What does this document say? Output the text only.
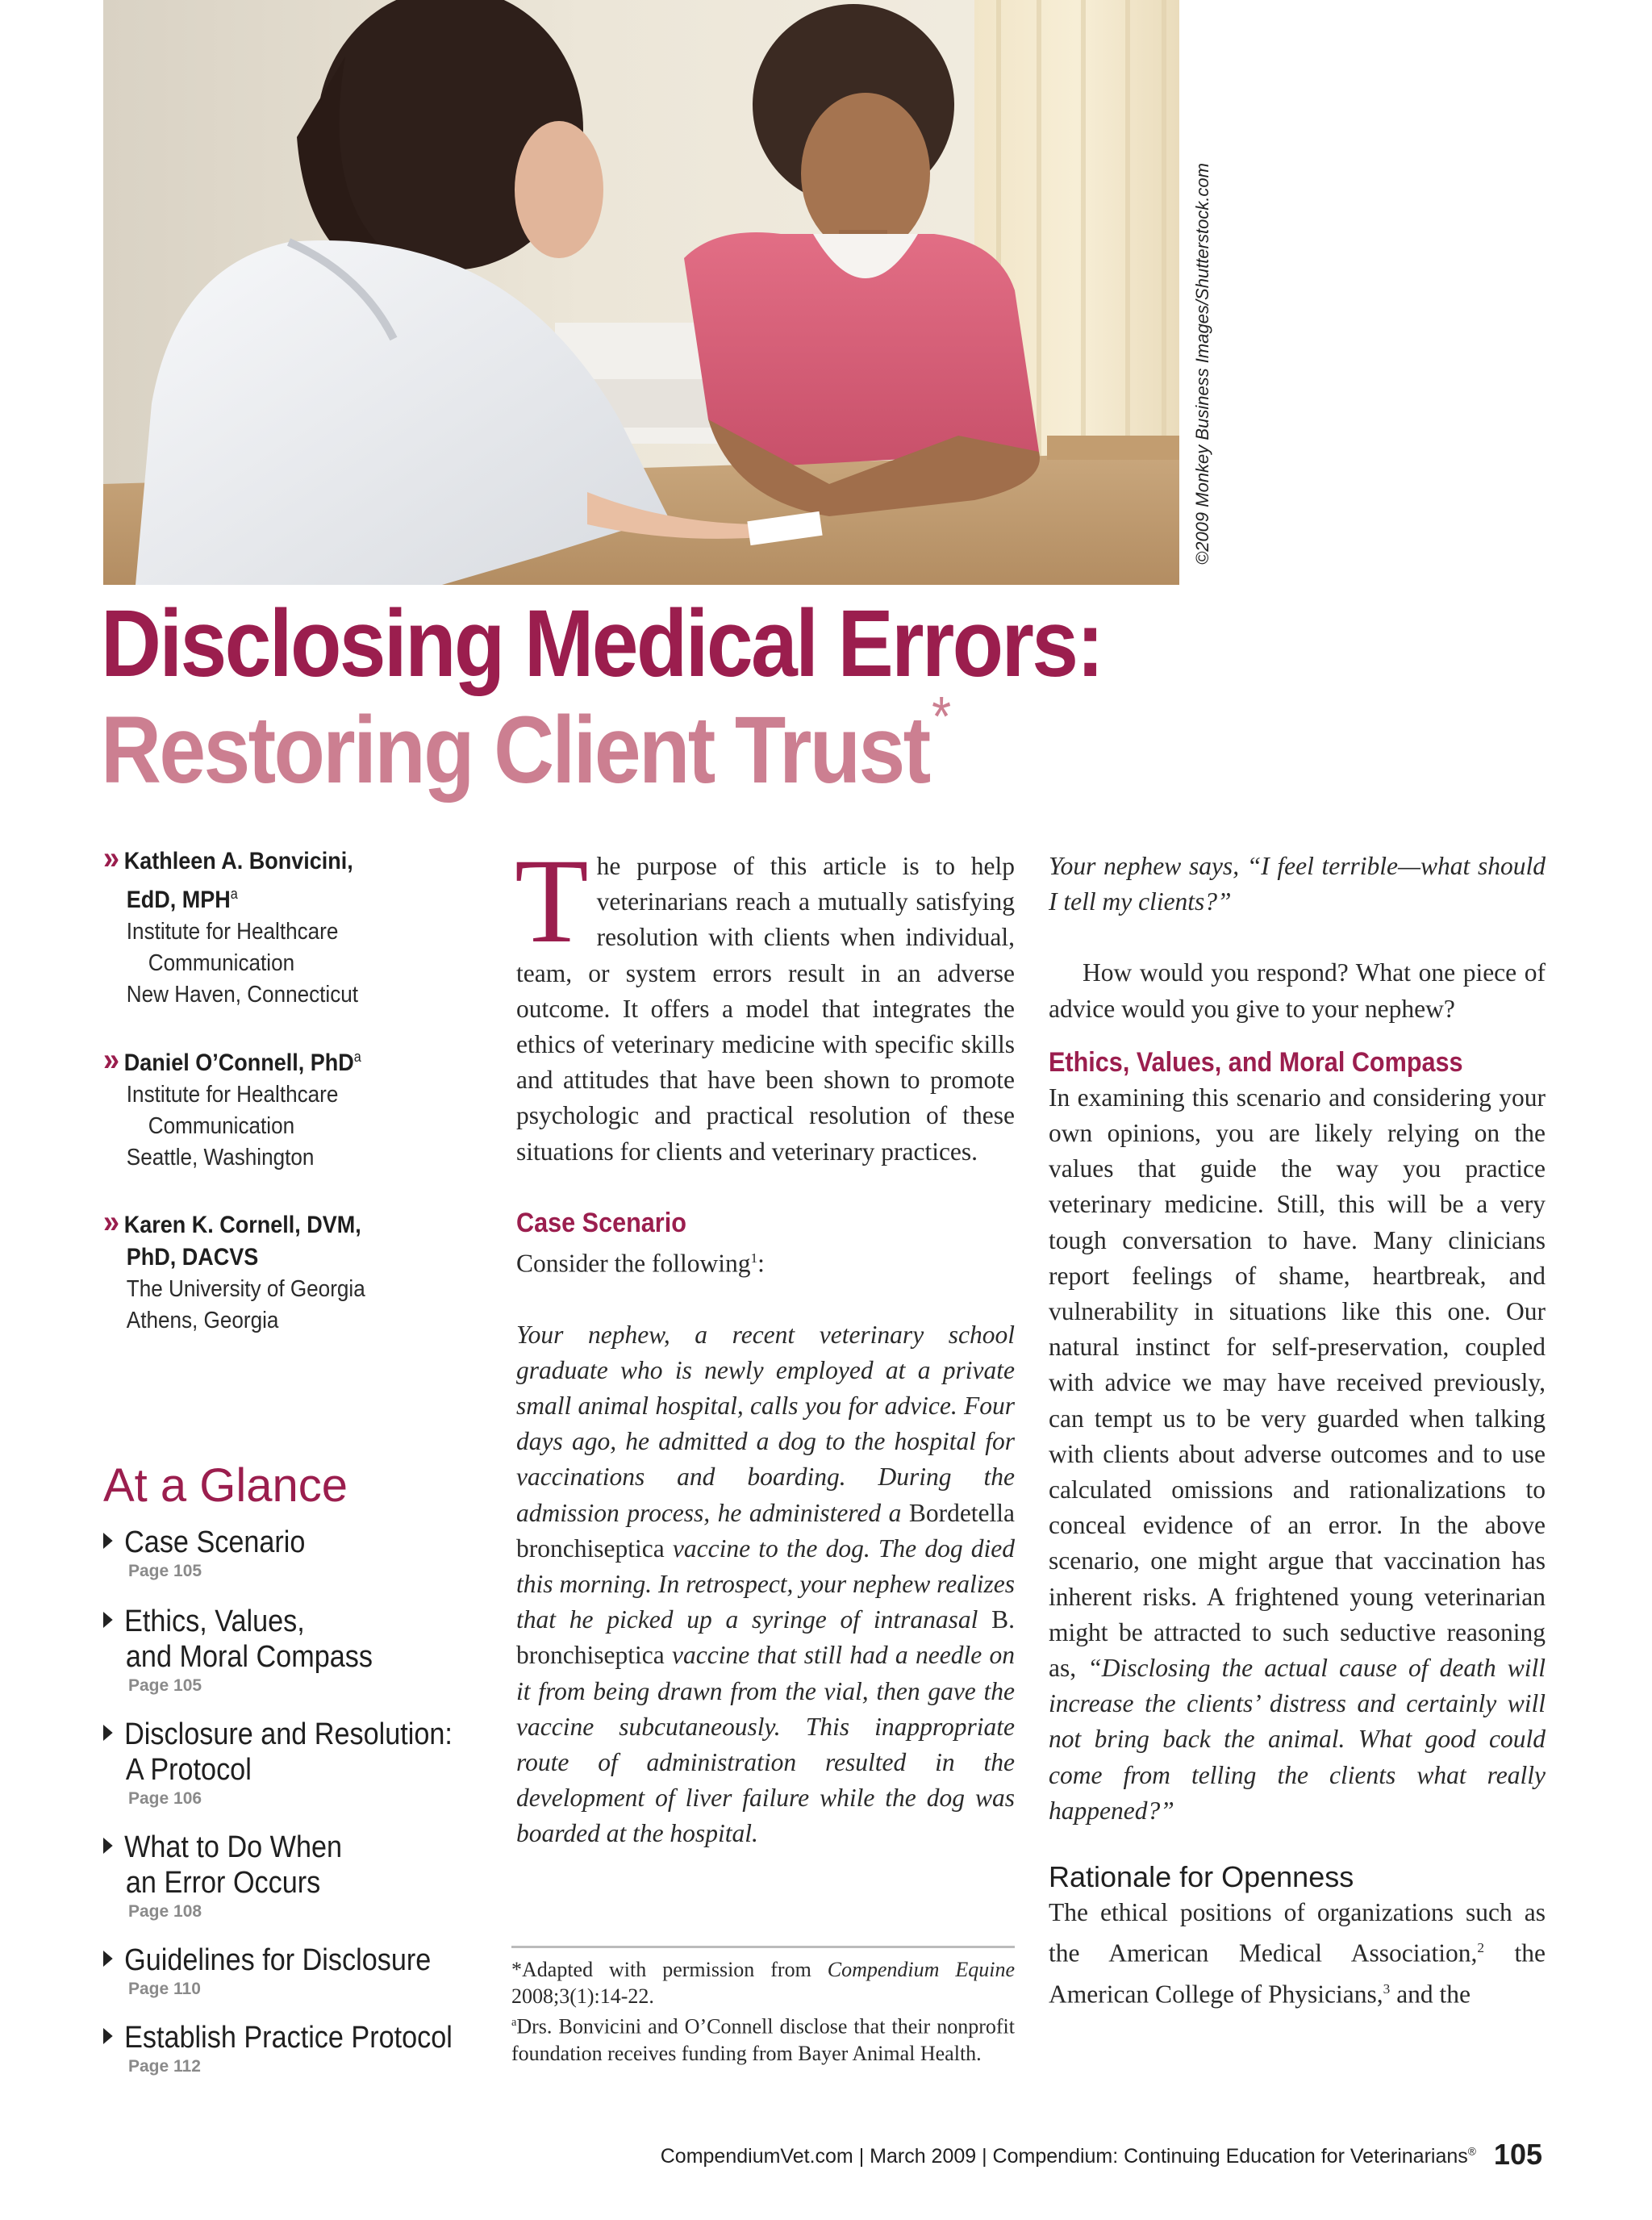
©2009 Monkey Business Images/Shutterstock.com
Disclosing Medical Errors:
Restoring Client Trust*
» Kathleen A. Bonvicini,
EdD, MPH$^a$
Institute for Healthcare
Communication
New Haven, Connecticut
» Daniel O’Connell, PhD$^a$
Institute for Healthcare
Communication
Seattle, Washington
» Karen K. Cornell, DVM,
PhD, DACVS
The University of Georgia
Athens, Georgia
At a Glance
Case Scenario
Page 105
Ethics, Values,
and Moral Compass
Page 105
Disclosure and Resolution:
A Protocol
Page 106
What to Do When
an Error Occurs
Page 108
Guidelines for Disclosure
Page 110
Establish Practice Protocol
Page 112

The purpose of this article is to help veterinarians reach a mutually satisfying resolution with clients when individual, team, or system errors result in an adverse outcome. It offers a model that integrates the ethics of veterinary medicine with specific skills and attitudes that have been shown to promote psychologic and practical resolution of these situations for clients and veterinary practices.

Case Scenario

Consider the following$^1$:

Your nephew, a recent veterinary school graduate who is newly employed at a private small animal hospital, calls you for advice. Four days ago, he admitted a dog to the hospital for vaccinations and boarding. During the admission process, he administered a Bordetella bronchiseptica vaccine to the dog. The dog died this morning. In retrospect, your nephew realizes that he picked up a syringe of intranasal B. bronchiseptica vaccine that still had a needle on it from being drawn from the vial, then gave the vaccine subcutaneously. This inappropriate route of administration resulted in the development of liver failure while the dog was boarded at the hospital.

*Adapted with permission from Compendium Equine 2008;3(1):14-22.

$^a$Drs. Bonvicini and O’Connell disclose that their nonprofit foundation receives funding from Bayer Animal Health.

Your nephew says, “I feel terrible—what should I tell my clients?”

How would you respond? What one piece of advice would you give to your nephew?

Ethics, Values, and Moral Compass

In examining this scenario and considering your own opinions, you are likely relying on the values that guide the way you practice veterinary medicine. Still, this will be a very tough conversation to have. Many clinicians report feelings of shame, heartbreak, and vulnerability in situations like this one. Our natural instinct for self-preservation, coupled with advice we may have received previously, can tempt us to be very guarded when talking with clients about adverse outcomes and to use calculated omissions and rationalizations to conceal evidence of an error. In the above scenario, one might argue that vaccination has inherent risks. A frightened young veterinarian might be attracted to such seductive reasoning as, “Disclosing the actual cause of death will increase the clients’ distress and certainly will not bring back the animal. What good could come from telling the clients what really happened?”

Rationale for Openness

The ethical positions of organizations such as the American Medical Association,$^2$ the American College of Physicians,$^3$ and the

CompendiumVet.com | March 2009 | Compendium: Continuing Education for Veterinarians® 105
